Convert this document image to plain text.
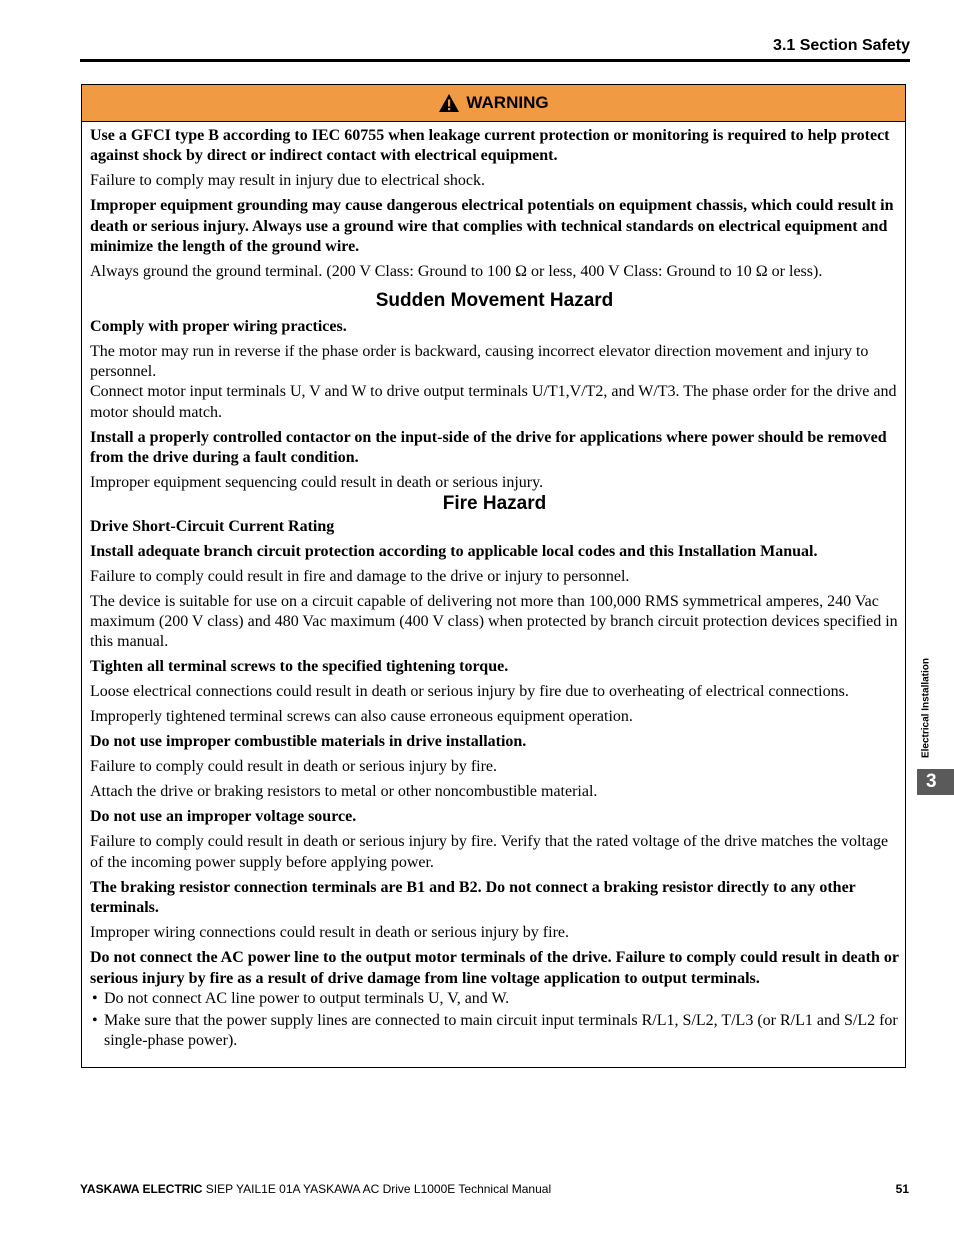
3.1 Section Safety
WARNING

Use a GFCI type B according to IEC 60755 when leakage current protection or monitoring is required to help protect against shock by direct or indirect contact with electrical equipment.

Failure to comply may result in injury due to electrical shock.

Improper equipment grounding may cause dangerous electrical potentials on equipment chassis, which could result in death or serious injury. Always use a ground wire that complies with technical standards on electrical equipment and minimize the length of the ground wire.

Always ground the ground terminal. (200 V Class: Ground to 100 Ω or less, 400 V Class: Ground to 10 Ω or less).

Sudden Movement Hazard

Comply with proper wiring practices.

The motor may run in reverse if the phase order is backward, causing incorrect elevator direction movement and injury to personnel.

Connect motor input terminals U, V and W to drive output terminals U/T1,V/T2, and W/T3. The phase order for the drive and motor should match.

Install a properly controlled contactor on the input-side of the drive for applications where power should be removed from the drive during a fault condition.

Improper equipment sequencing could result in death or serious injury.

Fire Hazard

Drive Short-Circuit Current Rating

Install adequate branch circuit protection according to applicable local codes and this Installation Manual.

Failure to comply could result in fire and damage to the drive or injury to personnel.

The device is suitable for use on a circuit capable of delivering not more than 100,000 RMS symmetrical amperes, 240 Vac maximum (200 V class) and 480 Vac maximum (400 V class) when protected by branch circuit protection devices specified in this manual.

Tighten all terminal screws to the specified tightening torque.

Loose electrical connections could result in death or serious injury by fire due to overheating of electrical connections.

Improperly tightened terminal screws can also cause erroneous equipment operation.

Do not use improper combustible materials in drive installation.

Failure to comply could result in death or serious injury by fire.

Attach the drive or braking resistors to metal or other noncombustible material.

Do not use an improper voltage source.

Failure to comply could result in death or serious injury by fire. Verify that the rated voltage of the drive matches the voltage of the incoming power supply before applying power.

The braking resistor connection terminals are B1 and B2. Do not connect a braking resistor directly to any other terminals.

Improper wiring connections could result in death or serious injury by fire.

Do not connect the AC power line to the output motor terminals of the drive. Failure to comply could result in death or serious injury by fire as a result of drive damage from line voltage application to output terminals.

• Do not connect AC line power to output terminals U, V, and W.
• Make sure that the power supply lines are connected to main circuit input terminals R/L1, S/L2, T/L3 (or R/L1 and S/L2 for single-phase power).
Electrical Installation
3
YASKAWA ELECTRIC SIEP YAIL1E 01A YASKAWA AC Drive L1000E Technical Manual	51
